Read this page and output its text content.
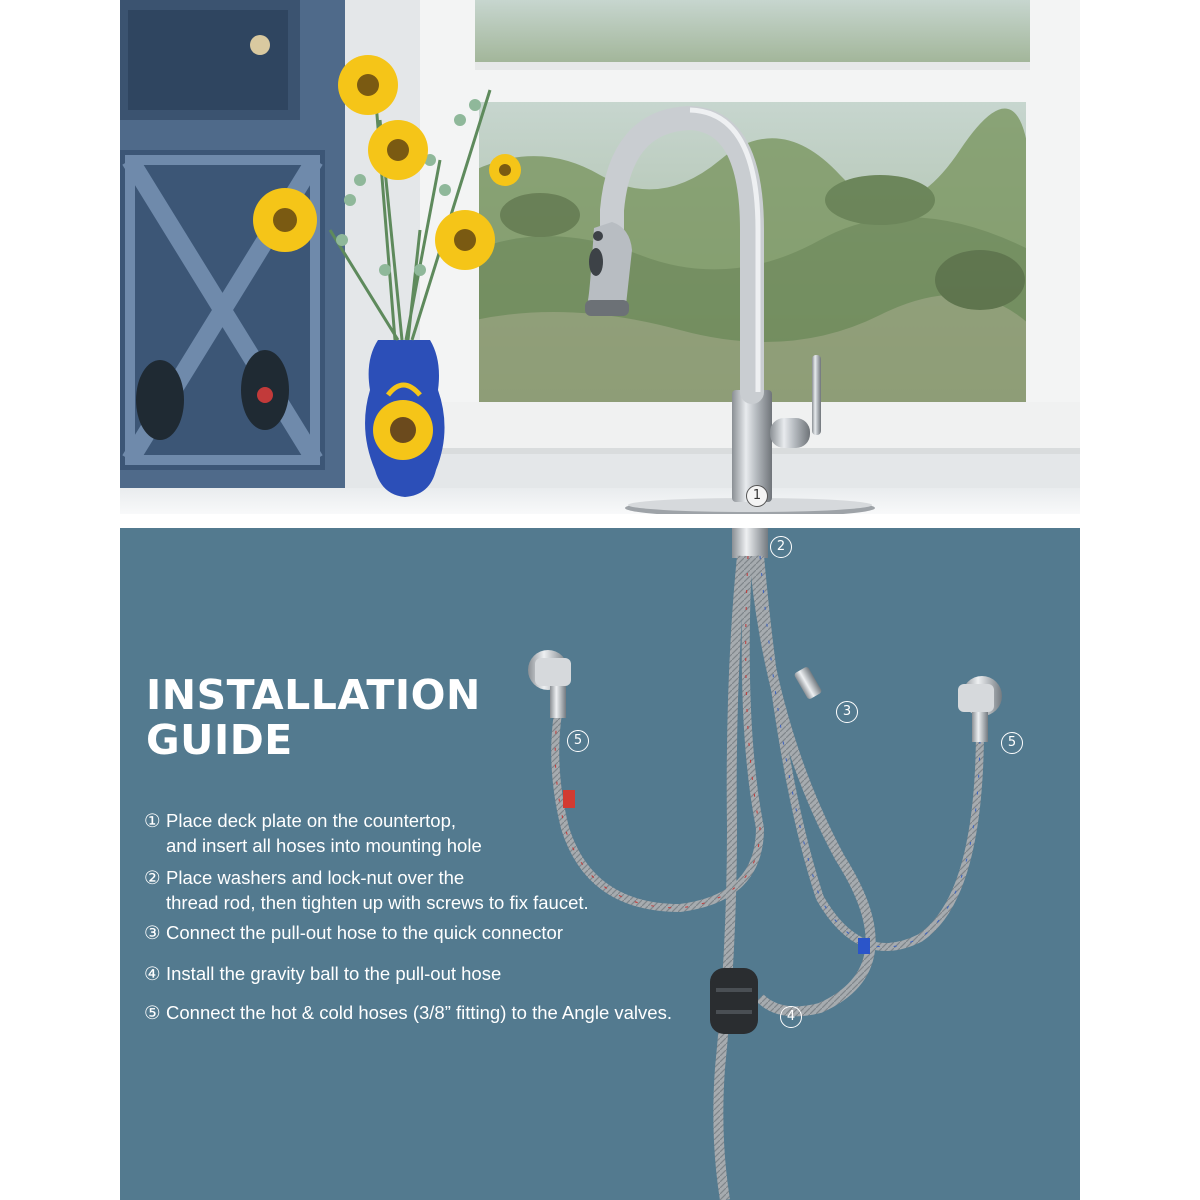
1
INSTALLATION
GUIDE
① Place deck plate on the countertop,
and insert all hoses into mounting hole
② Place washers and lock-nut over the
thread rod, then tighten up with screws to fix faucet.
③ Connect the pull-out hose to the quick connector
④ Install the gravity ball to the pull-out hose
⑤ Connect the hot & cold hoses (3/8” fitting) to the Angle valves.
2
3
4
5	5
